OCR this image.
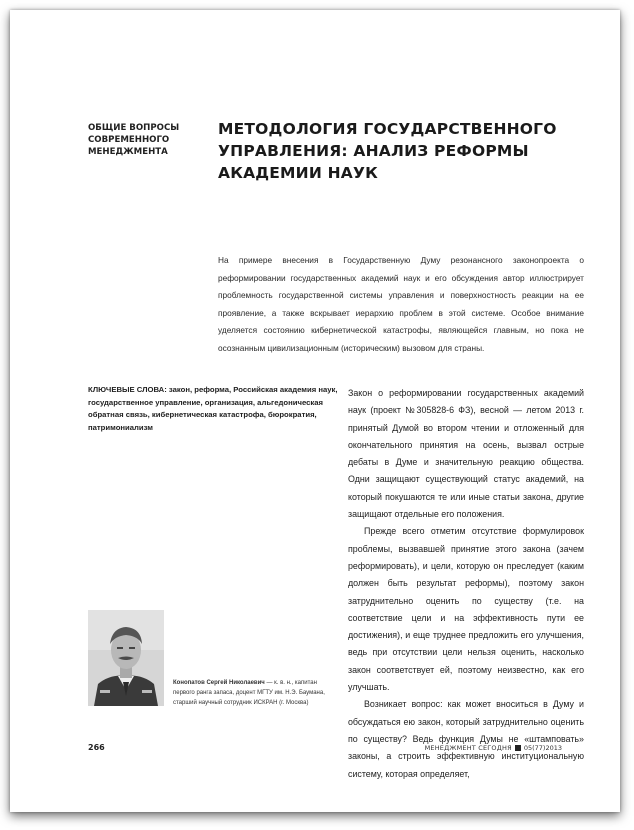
ОБЩИЕ ВОПРОСЫ СОВРЕМЕННОГО МЕНЕДЖМЕНТА
МЕТОДОЛОГИЯ ГОСУДАРСТВЕННОГО УПРАВЛЕНИЯ: АНАЛИЗ РЕФОРМЫ АКАДЕМИИ НАУК
На примере внесения в Государственную Думу резонансного законопроекта о реформировании государственных академий наук и его обсуждения автор иллюстрирует проблемность государственной системы управления и поверхностность реакции на ее проявление, а также вскрывает иерархию проблем в этой системе. Особое внимание уделяется состоянию кибернетической катастрофы, являющейся главным, но пока не осознанным цивилизационным (историческим) вызовом для страны.
КЛЮЧЕВЫЕ СЛОВА: закон, реформа, Российская академия наук, государственное управление, организация, альгедоническая обратная связь, кибернетическая катастрофа, бюрократия, патримониализм
Конопатов Сергей Николаевич — к. в. н., капитан первого ранга запаса, доцент МГТУ им. Н.Э. Баумана, старший научный сотрудник ИСКРАН (г. Москва)

Закон о реформировании государственных академий наук (проект №305828-6 ФЗ), весной — летом 2013 г. принятый Думой во втором чтении и отложенный для окончательного принятия на осень, вызвал острые дебаты в Думе и значительную реакцию общества. Одни защищают существующий статус академий, на который покушаются те или иные статьи закона, другие защищают отдельные его положения.

Прежде всего отметим отсутствие формулировок проблемы, вызвавшей принятие этого закона (зачем реформировать), и цели, которую он преследует (каким должен быть результат реформы), поэтому закон затруднительно оценить по существу (т.е. на соответствие цели и на эффективность пути ее достижения), и еще труднее предложить его улучшения, ведь при отсутствии цели нельзя оценить, насколько закон соответствует ей, поэтому неизвестно, как его улучшать.

Возникает вопрос: как может вноситься в Думу и обсуждаться ею закон, который затруднительно оценить по существу? Ведь функция Думы не «штамповать» законы, а строить эффективную институциональную систему, которая определяет,

266	МЕНЕДЖМЕНТ СЕГОДНЯ 05(77)2013
